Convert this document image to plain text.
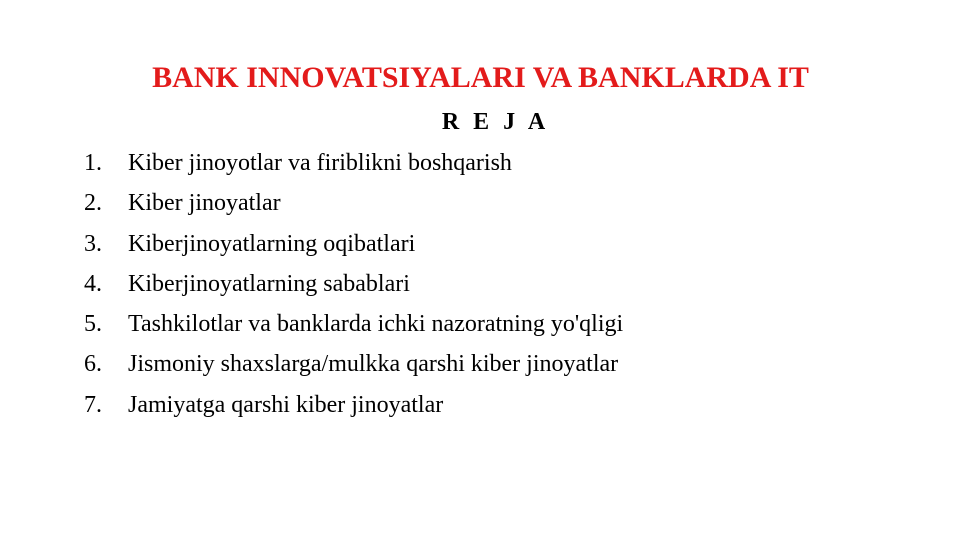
BANK INNOVATSIYALARI VA BANKLARDA IT
R E J A
1.	Kiber jinoyotlar va firiblikni boshqarish
2.	Kiber jinoyatlar
3.	Kiberjinoyatlarning oqibatlari
4.	Kiberjinoyatlarning sabablari
5.	Tashkilotlar va banklarda ichki nazoratning yo'qligi
6.	Jismoniy shaxslarga/mulkka qarshi kiber jinoyatlar
7.	Jamiyatga qarshi kiber jinoyatlar
